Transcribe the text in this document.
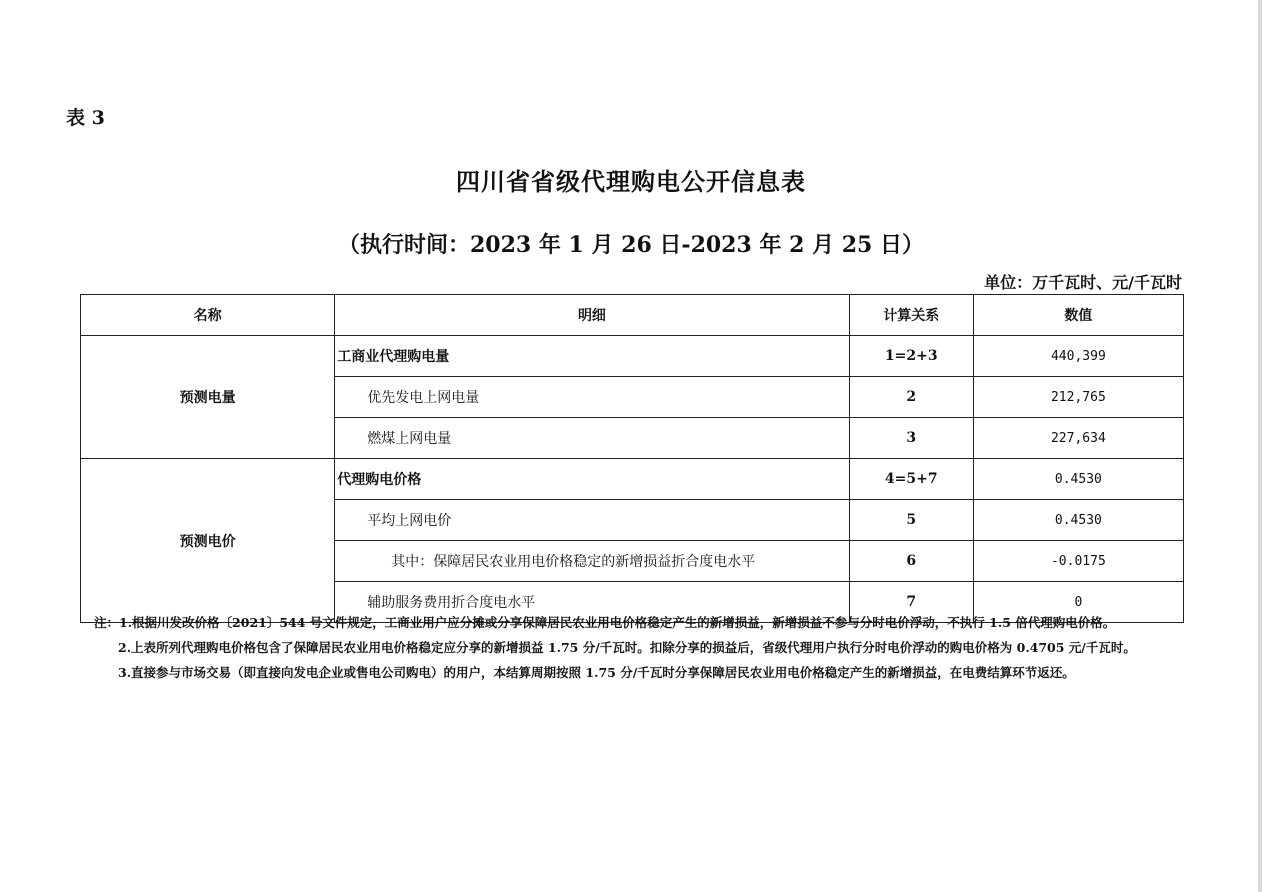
表 3
四川省省级代理购电公开信息表
（执行时间：2023 年 1 月 26 日-2023 年 2 月 25 日）
单位：万千瓦时、元/千瓦时
名称	明细	计算关系	数值
预测电量	工商业代理购电量	1=2+3	440,399
	优先发电上网电量	2	212,765
	燃煤上网电量	3	227,634
预测电价	代理购电价格	4=5+7	0.4530
	平均上网电价	5	0.4530
	其中：保障居民农业用电价格稳定的新增损益折合度电水平	6	-0.0175
	辅助服务费用折合度电水平	7	0
注：1.根据川发改价格〔2021〕544 号文件规定，工商业用户应分摊或分享保障居民农业用电价格稳定产生的新增损益，新增损益不参与分时电价浮动，不执行 1.5 倍代理购电价格。
2.上表所列代理购电价格包含了保障居民农业用电价格稳定应分享的新增损益 1.75 分/千瓦时。扣除分享的损益后，省级代理用户执行分时电价浮动的购电价格为 0.4705 元/千瓦时。
3.直接参与市场交易（即直接向发电企业或售电公司购电）的用户，本结算周期按照 1.75 分/千瓦时分享保障居民农业用电价格稳定产生的新增损益，在电费结算环节返还。
